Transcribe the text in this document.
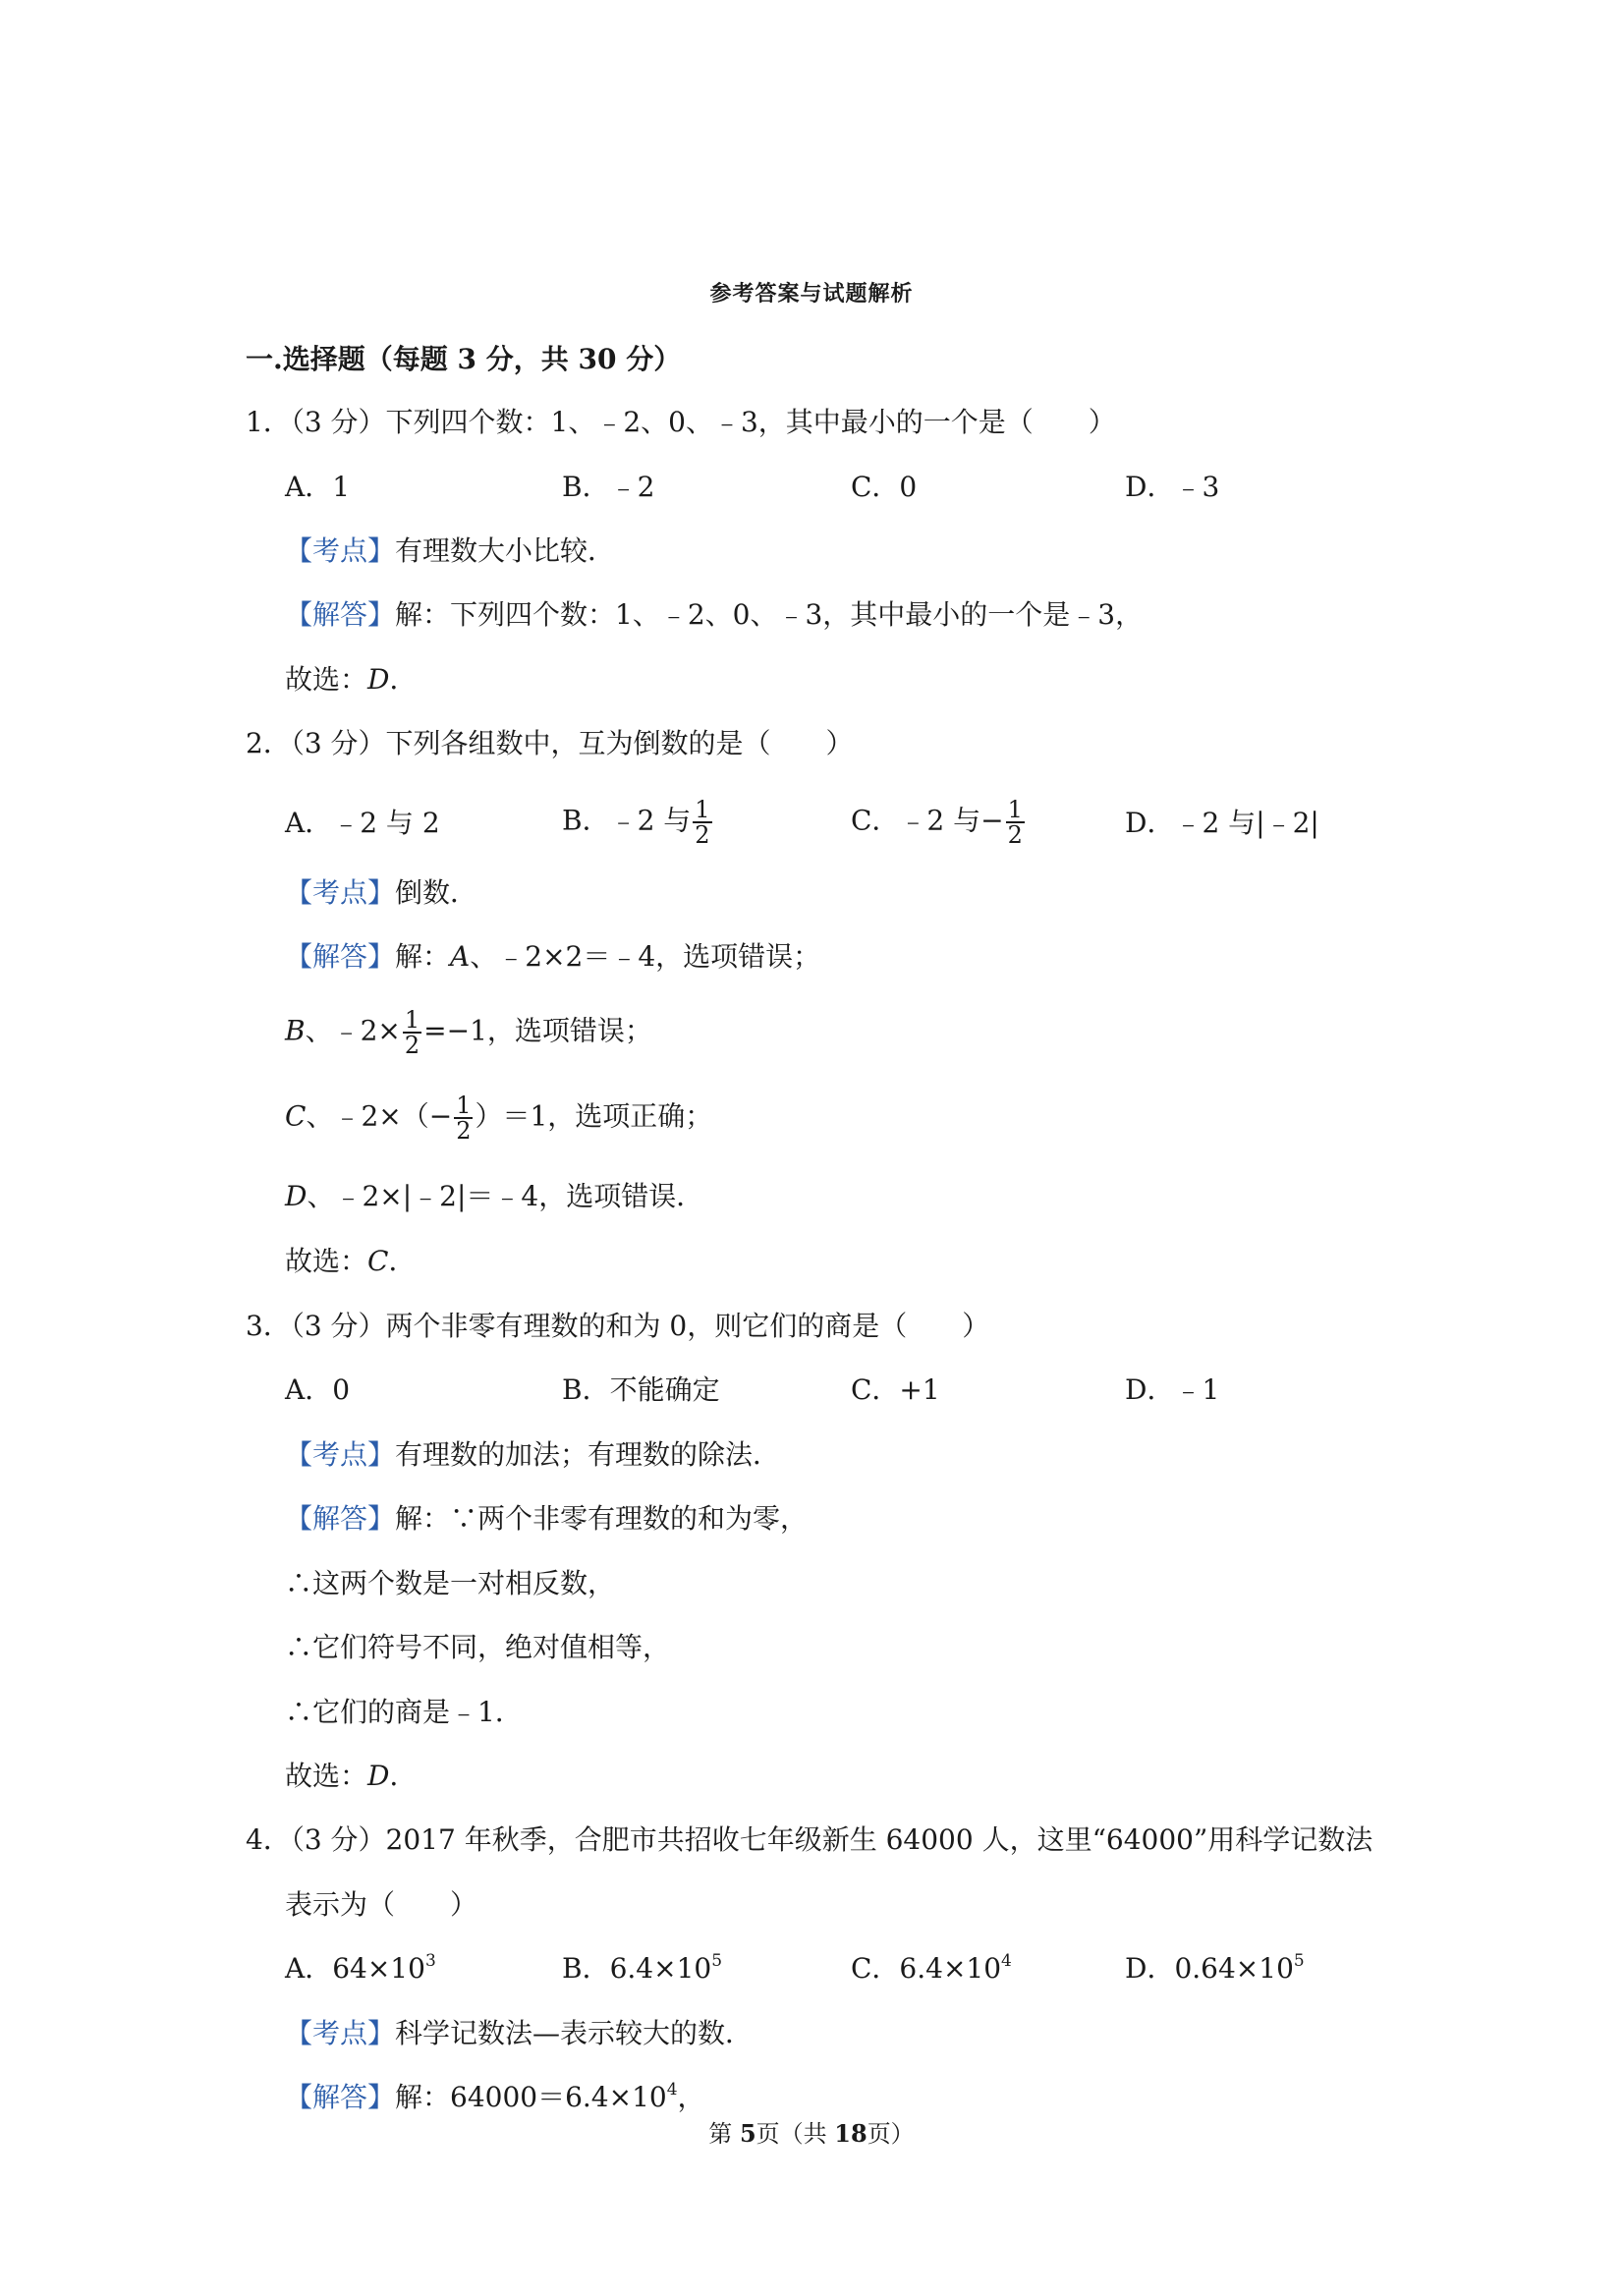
参考答案与试题解析
一.选择题（每题 3 分，共 30 分）
1．（3 分）下列四个数：1、﹣2、0、﹣3，其中最小的一个是（　　）
A．1	B．﹣2	C．0	D．﹣3
【考点】有理数大小比较．
【解答】解：下列四个数：1、﹣2、0、﹣3，其中最小的一个是﹣3，
故选：D．
2．（3 分）下列各组数中，互为倒数的是（　　）
A．﹣2 与 2	B．﹣2 与 $\frac{1}{2}$	C．﹣2 与− $\frac{1}{2}$	D．﹣2 与|﹣2|
【考点】倒数．
【解答】解：A、﹣2×2＝﹣4，选项错误；
B、﹣2× $\frac{1}{2} =-1$，选项错误；
C、﹣2×（− $\frac{1}{2} )=1$，选项正确；
D、﹣2×|﹣2|＝﹣4，选项错误．
故选：C．
3．（3 分）两个非零有理数的和为 0，则它们的商是（　　）
A．0	B．不能确定	C．+1	D．﹣1
【考点】有理数的加法；有理数的除法．
【解答】解：∵两个非零有理数的和为零，
∴这两个数是一对相反数，
∴它们符号不同，绝对值相等，
∴它们的商是﹣1．
故选：D．
4．（3 分）2017 年秋季，合肥市共招收七年级新生 64000 人，这里“64000”用科学记数法
表示为（　　）
A．$64\times 10^3$	B．$6.4\times 10^5$	C．$6.4\times 10^4$	D．$0.64\times 10^5$
【考点】科学记数法—表示较大的数．
【解答】解：$64000=6.4\times 10^4$，
第 5页（共 18页）
